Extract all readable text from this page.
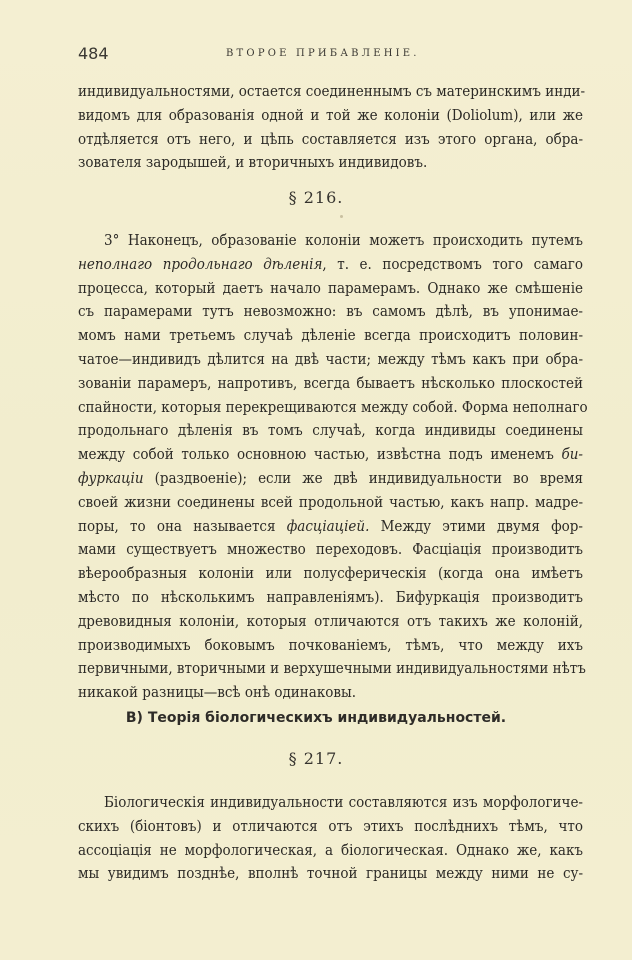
484	ВТОРОЕ ПРИБАВЛЕНІЕ.
индивидуальностями, остается соединеннымъ съ материнскимъ инди-
видомъ для образованія одной и той же колоніи (Doliolum), или же
отдѣляется отъ него, и цѣпь составляется изъ этого органа, обра-
зователя зародышей, и вторичныхъ индивидовъ.
§ 216.
3° Наконецъ, образованіе колоніи можетъ происходить путемъ
неполнаго продольнаго дѣленія, т. е. посредствомъ того самаго
процесса, который даетъ начало парамерамъ. Однако же смѣшеніе
съ парамерами тутъ невозможно: въ самомъ дѣлѣ, въ упонимае-
момъ нами третьемъ случаѣ дѣленіе всегда происходитъ половин-
чатое—индивидъ дѣлится на двѣ части; между тѣмъ какъ при обра-
зованіи парамеръ, напротивъ, всегда бываетъ нѣсколько плоскостей
спайности, которыя перекрещиваются между собой. Форма неполнаго
продольнаго дѣленія въ томъ случаѣ, когда индивиды соединены
между собой только основною частью, извѣстна подъ именемъ би-
фуркаціи (раздвоеніе); если же двѣ индивидуальности во время
своей жизни соединены всей продольной частью, какъ напр. мадре-
поры, то она называется фасціаціей. Между этими двумя фор-
мами существуетъ множество переходовъ. Фасціація производитъ
вѣерообразныя колоніи или полусферическія (когда она имѣетъ
мѣсто по нѣсколькимъ направленіямъ). Бифуркація производитъ
древовидныя колоніи, которыя отличаются отъ такихъ же колоній,
производимыхъ боковымъ почкованіемъ, тѣмъ, что между ихъ
первичными, вторичными и верхушечными индивидуальностями нѣтъ
никакой разницы—всѣ онѣ одинаковы.
B) Теорія біологическихъ индивидуальностей.
§ 217.
Біологическія индивидуальности составляются изъ морфологиче-
скихъ (біонтовъ) и отличаются отъ этихъ послѣднихъ тѣмъ, что
ассоціація не морфологическая, а біологическая. Однако же, какъ
мы увидимъ позднѣе, вполнѣ точной границы между ними не су-
